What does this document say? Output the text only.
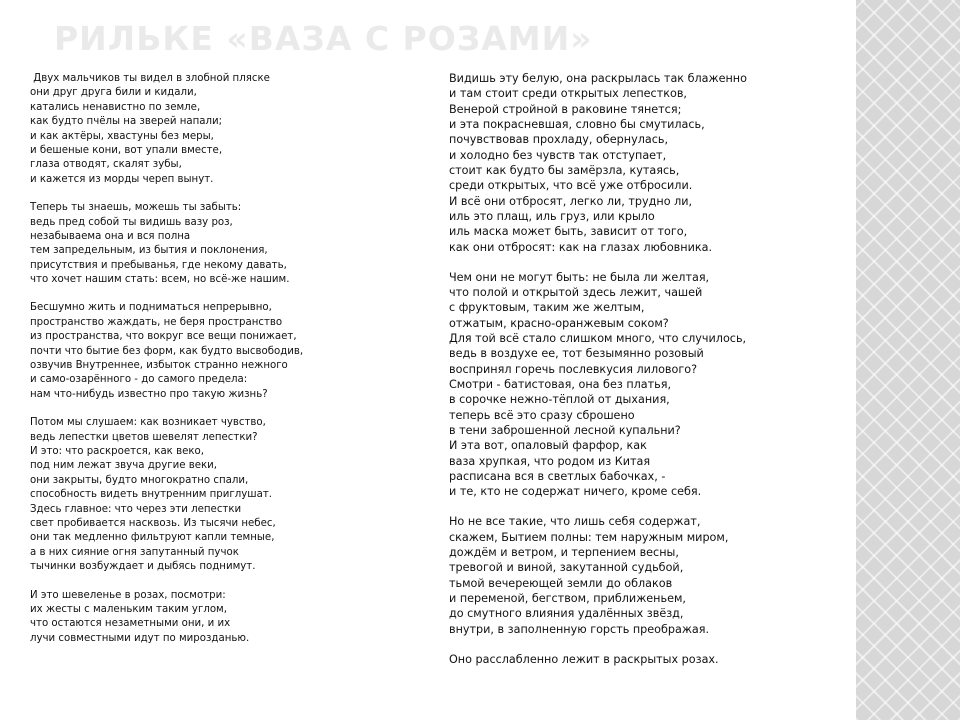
РИЛЬКЕ «ВАЗА С РОЗАМИ»
Двух мальчиков ты видел в злобной пляске
они друг друга били и кидали,
катались ненавистно по земле,
как будто пчёлы на зверей напали;
и как актёры, хвастуны без меры,
и бешеные кони, вот упали вместе,
глаза отводят, скалят зубы,
и кажется из морды череп вынут.
Теперь ты знаешь, можешь ты забыть:
ведь пред собой ты видишь вазу роз,
незабываема она и вся полна
тем запредельным, из бытия и поклонения,
присутствия и пребыванья, где некому давать,
что хочет нашим стать: всем, но всё-же нашим.
Бесшумно жить и подниматься непрерывно,
пространство жаждать, не беря пространство
из пространства, что вокруг все вещи понижает,
почти что бытие без форм, как будто высвободив,
озвучив Внутреннее, избыток странно нежного
и само-озарённого - до самого предела:
нам что-нибудь известно про такую жизнь?
Потом мы слушаем: как возникает чувство,
ведь лепестки цветов шевелят лепестки?
И это: что раскроется, как веко,
под ним лежат звуча другие веки,
они закрыты, будто многократно спали,
способность видеть внутренним приглушат.
Здесь главное: что через эти лепестки
свет пробивается насквозь. Из тысячи небес,
они так медленно фильтруют капли темные,
а в них сияние огня запутанный пучок
тычинки возбуждает и дыбясь поднимут.
И это шевеленье в розах, посмотри:
их жесты с маленьким таким углом,
что остаются незаметными они, и их
лучи совместными идут по мирозданью.
Видишь эту белую, она раскрылась так блаженно
и там стоит среди открытых лепестков,
Венерой стройной в раковине тянется;
и эта покрасневшая, словно бы смутилась,
почувствовав прохладу, обернулась,
и холодно без чувств так отступает,
стоит как будто бы замёрзла, кутаясь,
среди открытых, что всё уже отбросили.
И всё они отбросят, легко ли, трудно ли,
иль это плащ, иль груз, или крыло
иль маска может быть, зависит от того,
как они отбросят: как на глазах любовника.
Чем они не могут быть: не была ли желтая,
что полой и открытой здесь лежит, чашей
с фруктовым, таким же желтым,
отжатым, красно-оранжевым соком?
Для той всё стало слишком много, что случилось,
ведь в воздухе ее, тот безымянно розовый
воспринял горечь послевкусия лилового?
Смотри - батистовая, она без платья,
в сорочке нежно-тёплой от дыхания,
теперь всё это сразу сброшено
в тени заброшенной лесной купальни?
И эта вот, опаловый фарфор, как
ваза хрупкая, что родом из Китая
расписана вся в светлых бабочках, -
и те, кто не содержат ничего, кроме себя.
Но не все такие, что лишь себя содержат,
скажем, Бытием полны: тем наружным миром,
дождём и ветром, и терпением весны,
тревогой и виной, закутанной судьбой,
тьмой вечереющей земли до облаков
и переменой, бегством, приближеньем,
до смутного влияния удалённых звёзд,
внутри, в заполненную горсть преображая.
Оно расслабленно лежит в раскрытых розах.
